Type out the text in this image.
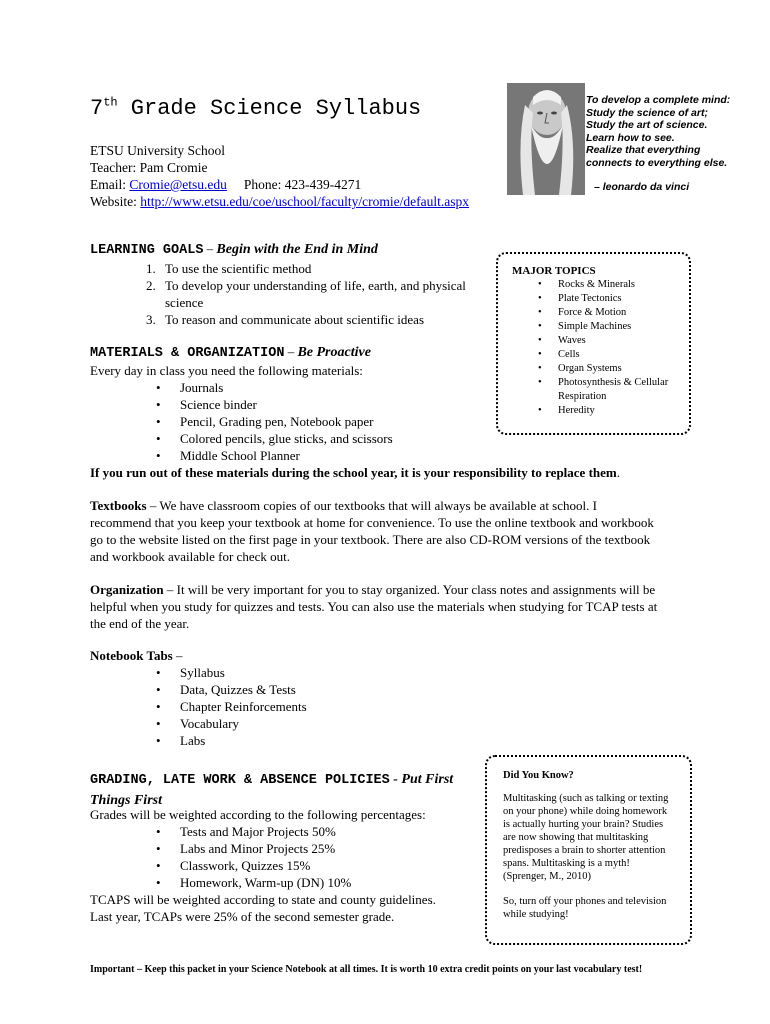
7th Grade Science Syllabus
ETSU University School
Teacher: Pam Cromie
Email: Cromie@etsu.edu Phone: 423-439-4271
Website: http://www.etsu.edu/coe/uschool/faculty/cromie/default.aspx
To develop a complete mind:
Study the science of art;
Study the art of science.
Learn how to see.
Realize that everything
connects to everything else.
– leonardo da vinci
LEARNING GOALS – Begin with the End in Mind
1. To use the scientific method
2. To develop your understanding of life, earth, and physical science
3. To reason and communicate about scientific ideas
MATERIALS & ORGANIZATION – Be Proactive
Every day in class you need the following materials:
• Journals
• Science binder
• Pencil, Grading pen, Notebook paper
• Colored pencils, glue sticks, and scissors
• Middle School Planner
If you run out of these materials during the school year, it is your responsibility to replace them.
MAJOR TOPICS
• Rocks & Minerals
• Plate Tectonics
• Force & Motion
• Simple Machines
• Waves
• Cells
• Organ Systems
• Photosynthesis & Cellular Respiration
• Heredity
Textbooks – We have classroom copies of our textbooks that will always be available at school. I recommend that you keep your textbook at home for convenience. To use the online textbook and workbook go to the website listed on the first page in your textbook. There are also CD-ROM versions of the textbook and workbook available for check out.
Organization – It will be very important for you to stay organized. Your class notes and assignments will be helpful when you study for quizzes and tests. You can also use the materials when studying for TCAP tests at the end of the year.
Notebook Tabs –
• Syllabus
• Data, Quizzes & Tests
• Chapter Reinforcements
• Vocabulary
• Labs
GRADING, LATE WORK & ABSENCE POLICIES - Put First Things First
Grades will be weighted according to the following percentages:
• Tests and Major Projects 50%
• Labs and Minor Projects 25%
• Classwork, Quizzes 15%
• Homework, Warm-up (DN) 10%
TCAPS will be weighted according to state and county guidelines.
Last year, TCAPs were 25% of the second semester grade.
Did You Know?

Multitasking (such as talking or texting on your phone) while doing homework is actually hurting your brain? Studies are now showing that multitasking predisposes a brain to shorter attention spans. Multitasking is a myth! (Sprenger, M., 2010)

So, turn off your phones and television while studying!

Important – Keep this packet in your Science Notebook at all times. It is worth 10 extra credit points on your last vocabulary test!
